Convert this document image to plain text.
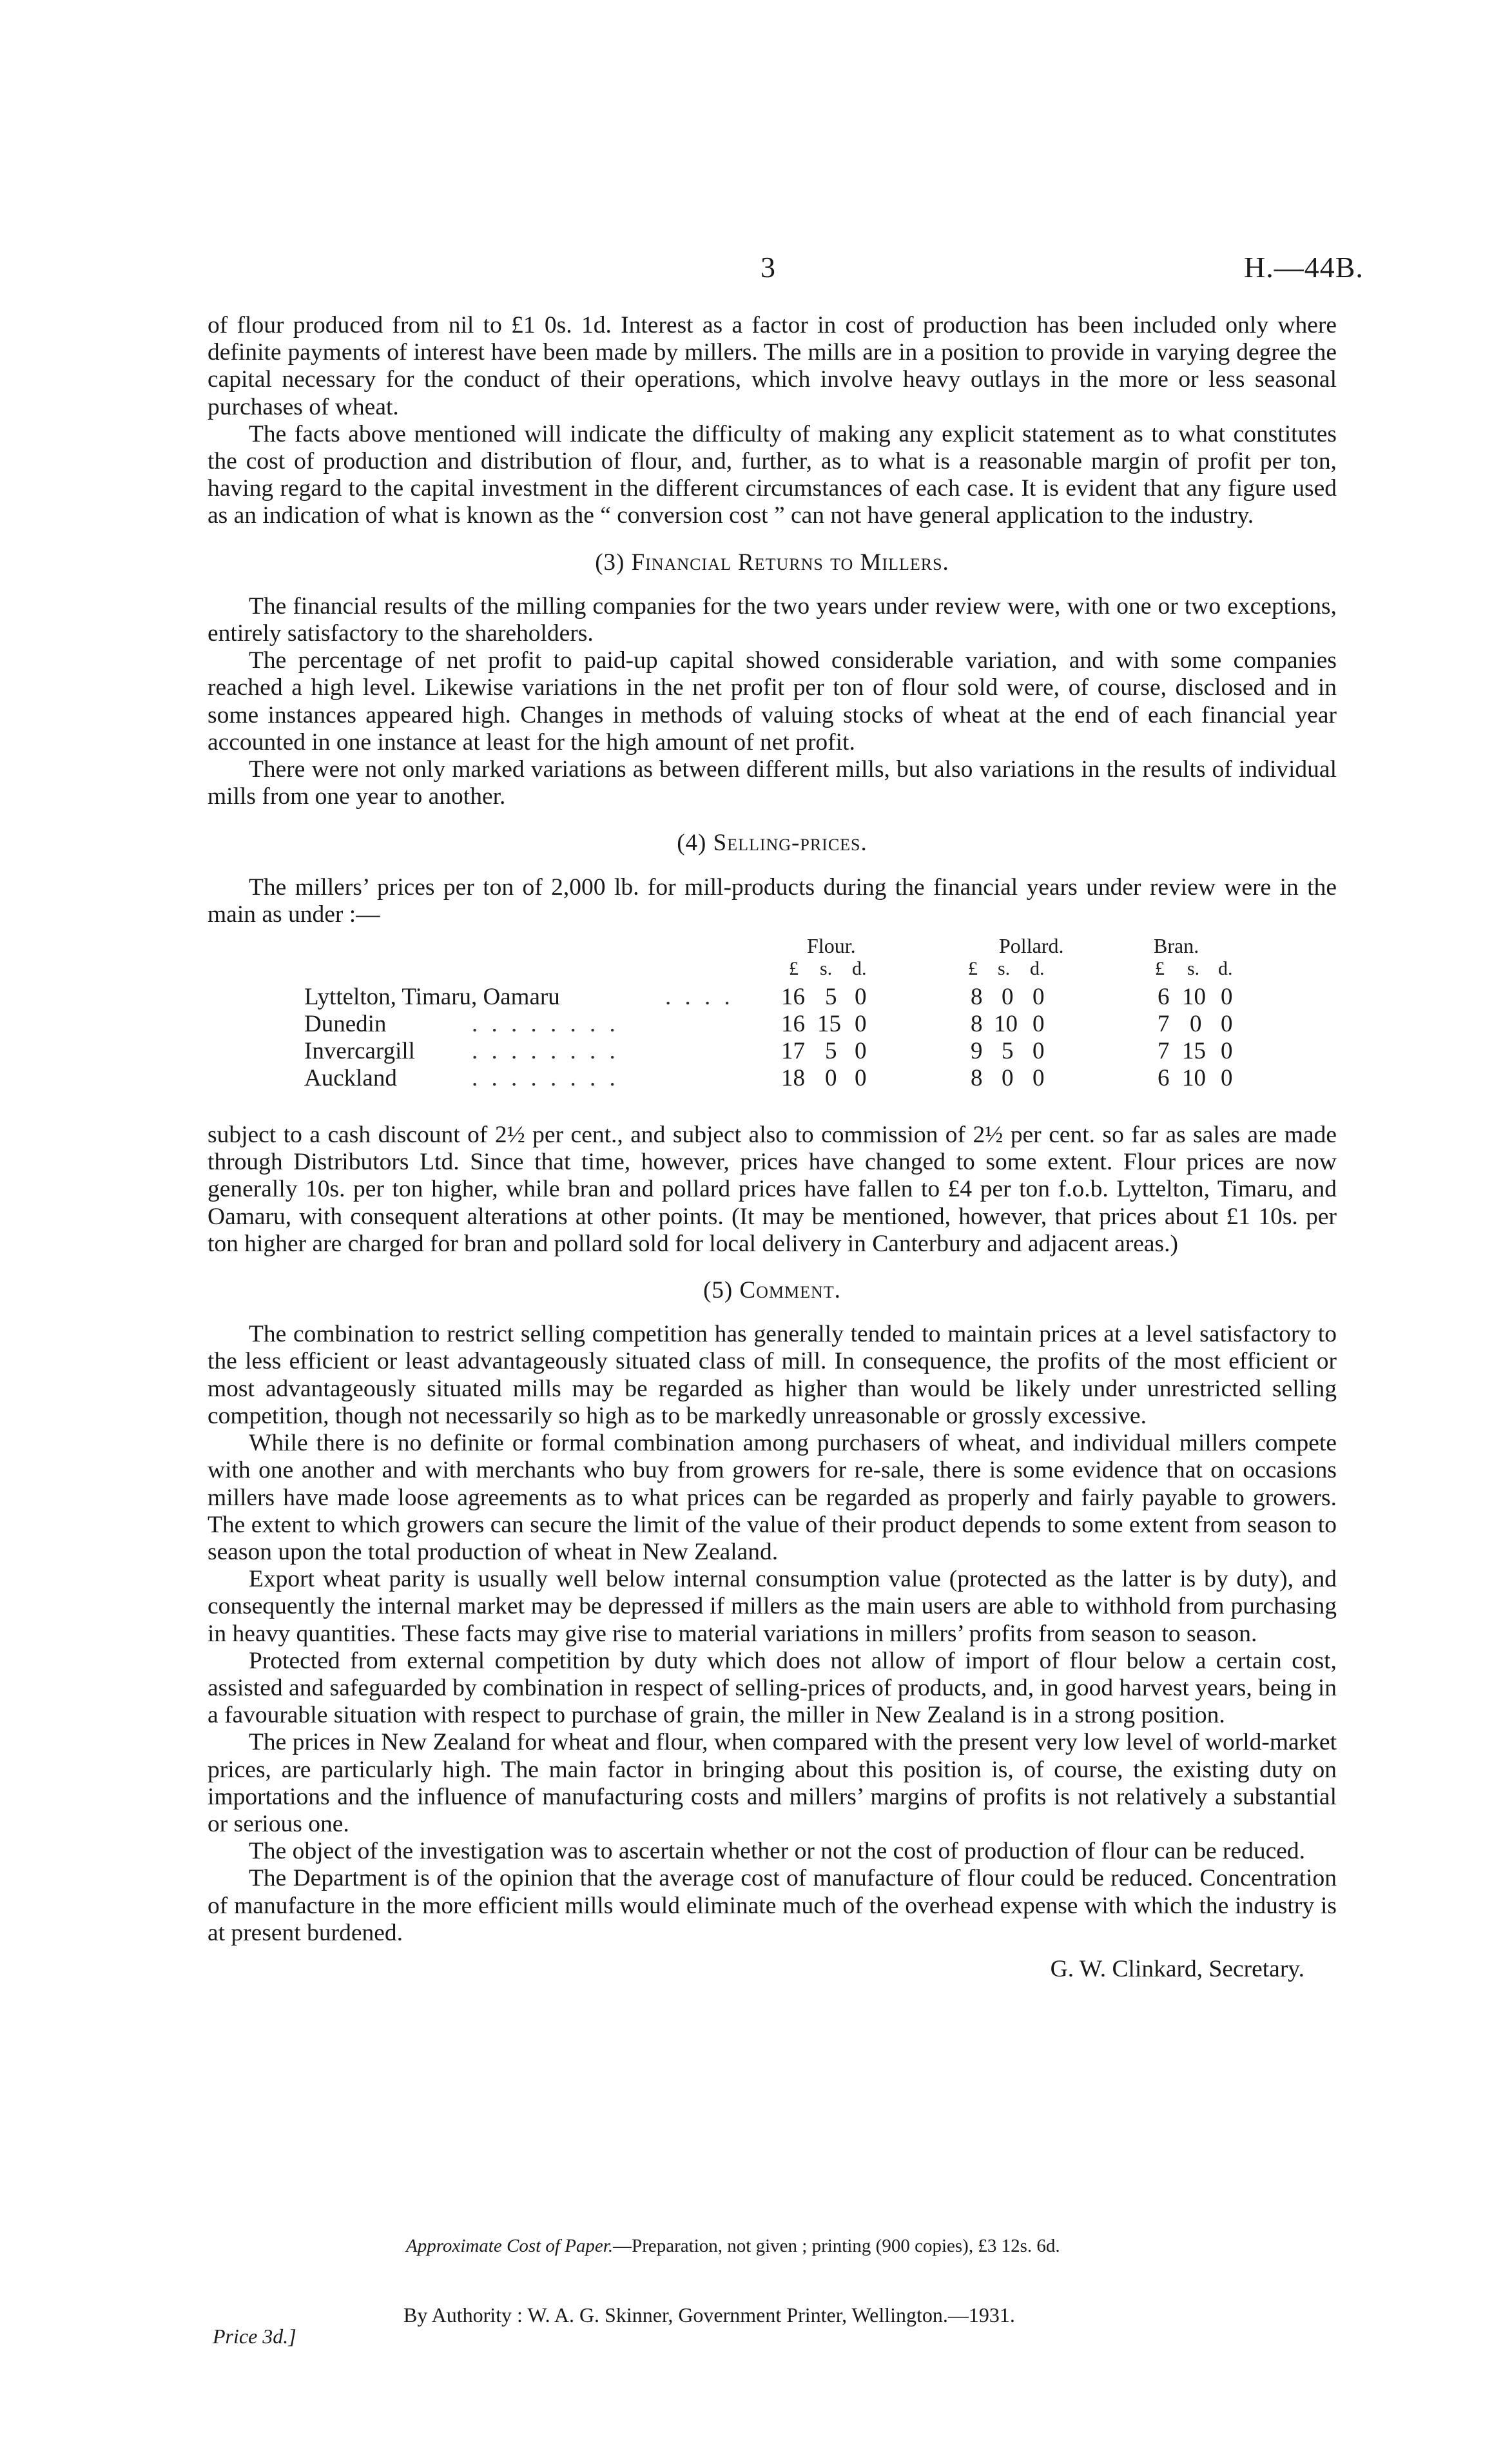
3	H.—44B.

of flour produced from nil to £1 0s. 1d. Interest as a factor in cost of production has been included only where definite payments of interest have been made by millers. The mills are in a position to provide in varying degree the capital necessary for the conduct of their operations, which involve heavy outlays in the more or less seasonal purchases of wheat.

The facts above mentioned will indicate the difficulty of making any explicit statement as to what constitutes the cost of production and distribution of flour, and, further, as to what is a reasonable margin of profit per ton, having regard to the capital investment in the different circumstances of each case. It is evident that any figure used as an indication of what is known as the “ conversion cost ” can not have general application to the industry.

(3) Financial Returns to Millers.

The financial results of the milling companies for the two years under review were, with one or two exceptions, entirely satisfactory to the shareholders.

The percentage of net profit to paid-up capital showed considerable variation, and with some companies reached a high level. Likewise variations in the net profit per ton of flour sold were, of course, disclosed and in some instances appeared high. Changes in methods of valuing stocks of wheat at the end of each financial year accounted in one instance at least for the high amount of net profit.

There were not only marked variations as between different mills, but also variations in the results of individual mills from one year to another.

(4) Selling-prices.

The millers’ prices per ton of 2,000 lb. for mill-products during the financial years under review were in the main as under :—

Flour.	Pollard.	Bran.
£ s. d.	£ s. d.	£ s. d.
Lyttelton, Timaru, Oamaru	. . . . 16 5 0	8 0 0	6 10 0
Dunedin	. . . . . . . .	16 15 0	8 10 0	7 0 0
Invercargill	. . . . . . . .	17 5 0	9 5 0	7 15 0
Auckland	. . . . . . . .	18 0 0	8 0 0	6 10 0

subject to a cash discount of 2½ per cent., and subject also to commission of 2½ per cent. so far as sales are made through Distributors Ltd. Since that time, however, prices have changed to some extent. Flour prices are now generally 10s. per ton higher, while bran and pollard prices have fallen to £4 per ton f.o.b. Lyttelton, Timaru, and Oamaru, with consequent alterations at other points. (It may be mentioned, however, that prices about £1 10s. per ton higher are charged for bran and pollard sold for local delivery in Canterbury and adjacent areas.)

(5) Comment.

The combination to restrict selling competition has generally tended to maintain prices at a level satisfactory to the less efficient or least advantageously situated class of mill. In consequence, the profits of the most efficient or most advantageously situated mills may be regarded as higher than would be likely under unrestricted selling competition, though not necessarily so high as to be markedly unreasonable or grossly excessive.

While there is no definite or formal combination among purchasers of wheat, and individual millers compete with one another and with merchants who buy from growers for re-sale, there is some evidence that on occasions millers have made loose agreements as to what prices can be regarded as properly and fairly payable to growers. The extent to which growers can secure the limit of the value of their product depends to some extent from season to season upon the total production of wheat in New Zealand.

Export wheat parity is usually well below internal consumption value (protected as the latter is by duty), and consequently the internal market may be depressed if millers as the main users are able to withhold from purchasing in heavy quantities. These facts may give rise to material variations in millers’ profits from season to season.

Protected from external competition by duty which does not allow of import of flour below a certain cost, assisted and safeguarded by combination in respect of selling-prices of products, and, in good harvest years, being in a favourable situation with respect to purchase of grain, the miller in New Zealand is in a strong position.

The prices in New Zealand for wheat and flour, when compared with the present very low level of world-market prices, are particularly high. The main factor in bringing about this position is, of course, the existing duty on importations and the influence of manufacturing costs and millers’ margins of profits is not relatively a substantial or serious one.

The object of the investigation was to ascertain whether or not the cost of production of flour can be reduced.

The Department is of the opinion that the average cost of manufacture of flour could be reduced. Concentration of manufacture in the more efficient mills would eliminate much of the overhead expense with which the industry is at present burdened.

G. W. Clinkard, Secretary.
Approximate Cost of Paper.—Preparation, not given ; printing (900 copies), £3 12s. 6d.
By Authority : W. A. G. Skinner, Government Printer, Wellington.—1931.
Price 3d.]
